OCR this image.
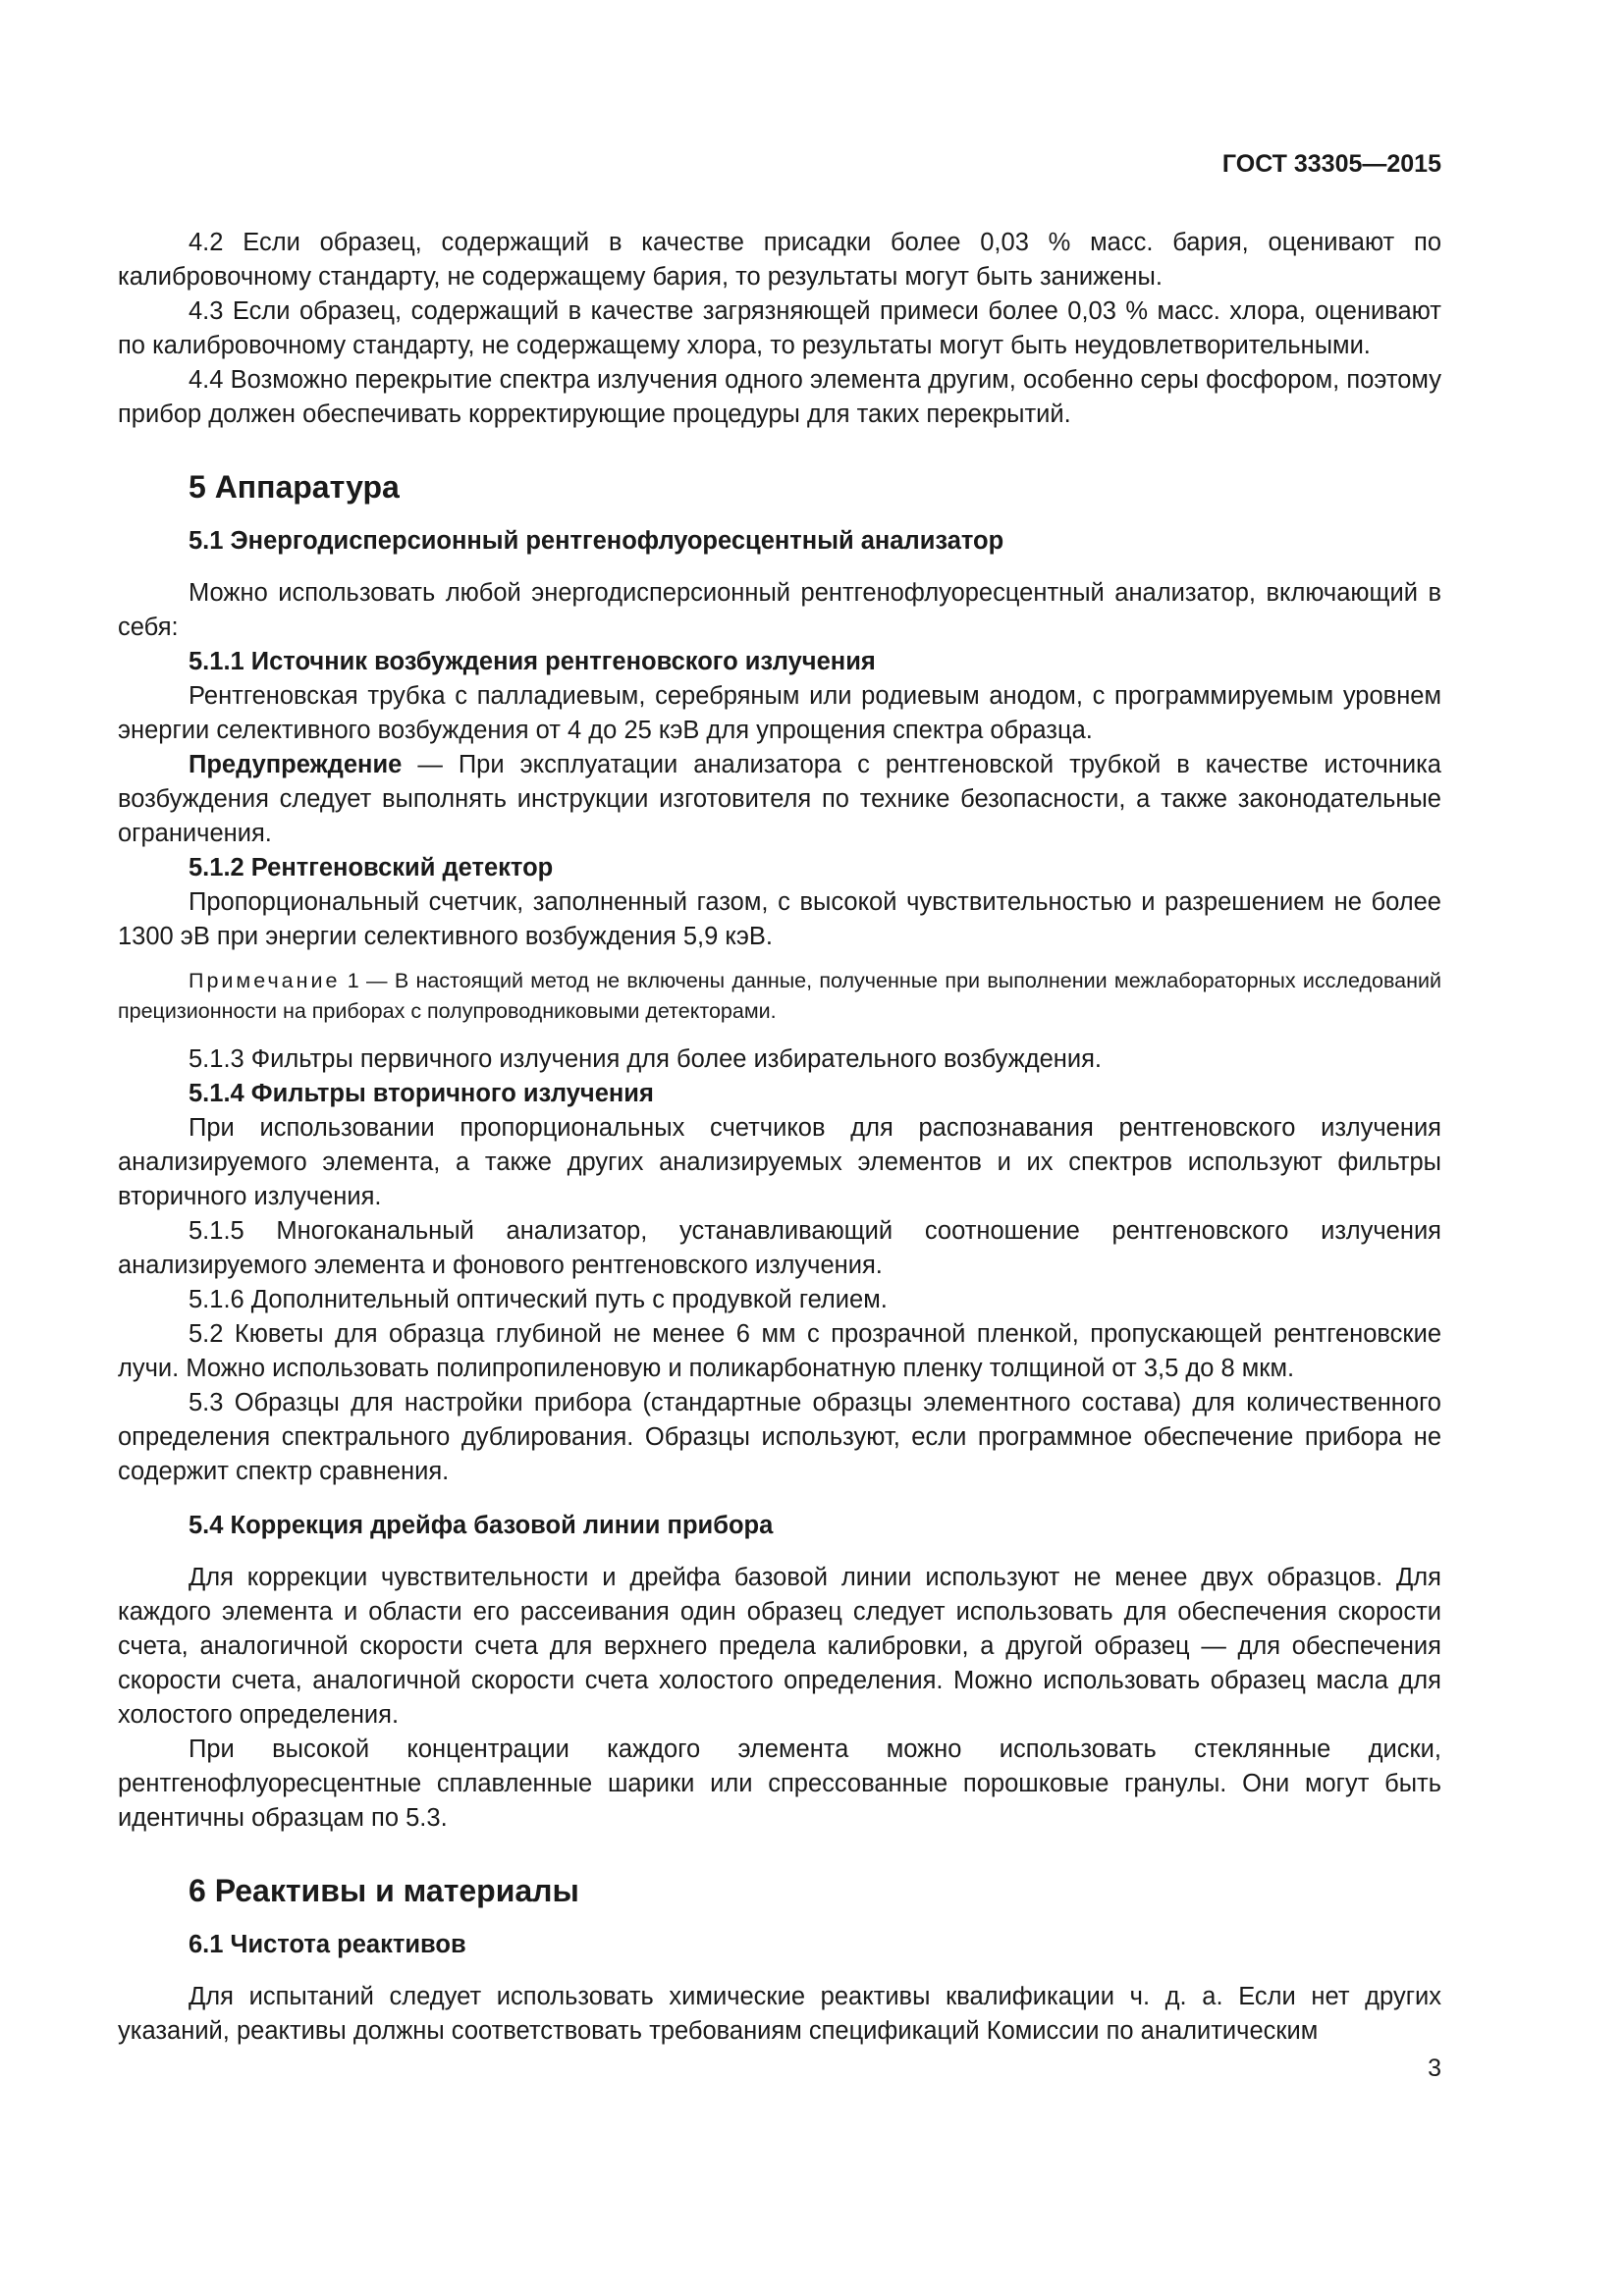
ГОСТ 33305—2015

4.2 Если образец, содержащий в качестве присадки более 0,03 % масс. бария, оценивают по калибровочному стандарту, не содержащему бария, то результаты могут быть занижены.

4.3 Если образец, содержащий в качестве загрязняющей примеси более 0,03 % масс. хлора, оценивают по калибровочному стандарту, не содержащему хлора, то результаты могут быть неудовлетворительными.

4.4 Возможно перекрытие спектра излучения одного элемента другим, особенно серы фосфором, поэтому прибор должен обеспечивать корректирующие процедуры для таких перекрытий.

5 Аппаратура
5.1 Энергодисперсионный рентгенофлуоресцентный анализатор

Можно использовать любой энергодисперсионный рентгенофлуоресцентный анализатор, включающий в себя:

5.1.1 Источник возбуждения рентгеновского излучения

Рентгеновская трубка с палладиевым, серебряным или родиевым анодом, с программируемым уровнем энергии селективного возбуждения от 4 до 25 кэВ для упрощения спектра образца.

Предупреждение — При эксплуатации анализатора с рентгеновской трубкой в качестве источника возбуждения следует выполнять инструкции изготовителя по технике безопасности, а также законодательные ограничения.

5.1.2 Рентгеновский детектор

Пропорциональный счетчик, заполненный газом, с высокой чувствительностью и разрешением не более 1300 эВ при энергии селективного возбуждения 5,9 кэВ.

Примечание 1 — В настоящий метод не включены данные, полученные при выполнении межлабораторных исследований прецизионности на приборах с полупроводниковыми детекторами.

5.1.3 Фильтры первичного излучения для более избирательного возбуждения.

5.1.4 Фильтры вторичного излучения

При использовании пропорциональных счетчиков для распознавания рентгеновского излучения анализируемого элемента, а также других анализируемых элементов и их спектров используют фильтры вторичного излучения.

5.1.5 Многоканальный анализатор, устанавливающий соотношение рентгеновского излучения анализируемого элемента и фонового рентгеновского излучения.

5.1.6 Дополнительный оптический путь с продувкой гелием.

5.2 Кюветы для образца глубиной не менее 6 мм с прозрачной пленкой, пропускающей рентгеновские лучи. Можно использовать полипропиленовую и поликарбонатную пленку толщиной от 3,5 до 8 мкм.

5.3 Образцы для настройки прибора (стандартные образцы элементного состава) для количественного определения спектрального дублирования. Образцы используют, если программное обеспечение прибора не содержит спектр сравнения.

5.4 Коррекция дрейфа базовой линии прибора

Для коррекции чувствительности и дрейфа базовой линии используют не менее двух образцов. Для каждого элемента и области его рассеивания один образец следует использовать для обеспечения скорости счета, аналогичной скорости счета для верхнего предела калибровки, а другой образец — для обеспечения скорости счета, аналогичной скорости счета холостого определения. Можно использовать образец масла для холостого определения.

При высокой концентрации каждого элемента можно использовать стеклянные диски, рентгенофлуоресцентные сплавленные шарики или спрессованные порошковые гранулы. Они могут быть идентичны образцам по 5.3.

6 Реактивы и материалы
6.1 Чистота реактивов

Для испытаний следует использовать химические реактивы квалификации ч. д. а. Если нет других указаний, реактивы должны соответствовать требованиям спецификаций Комиссии по аналитическим

3
